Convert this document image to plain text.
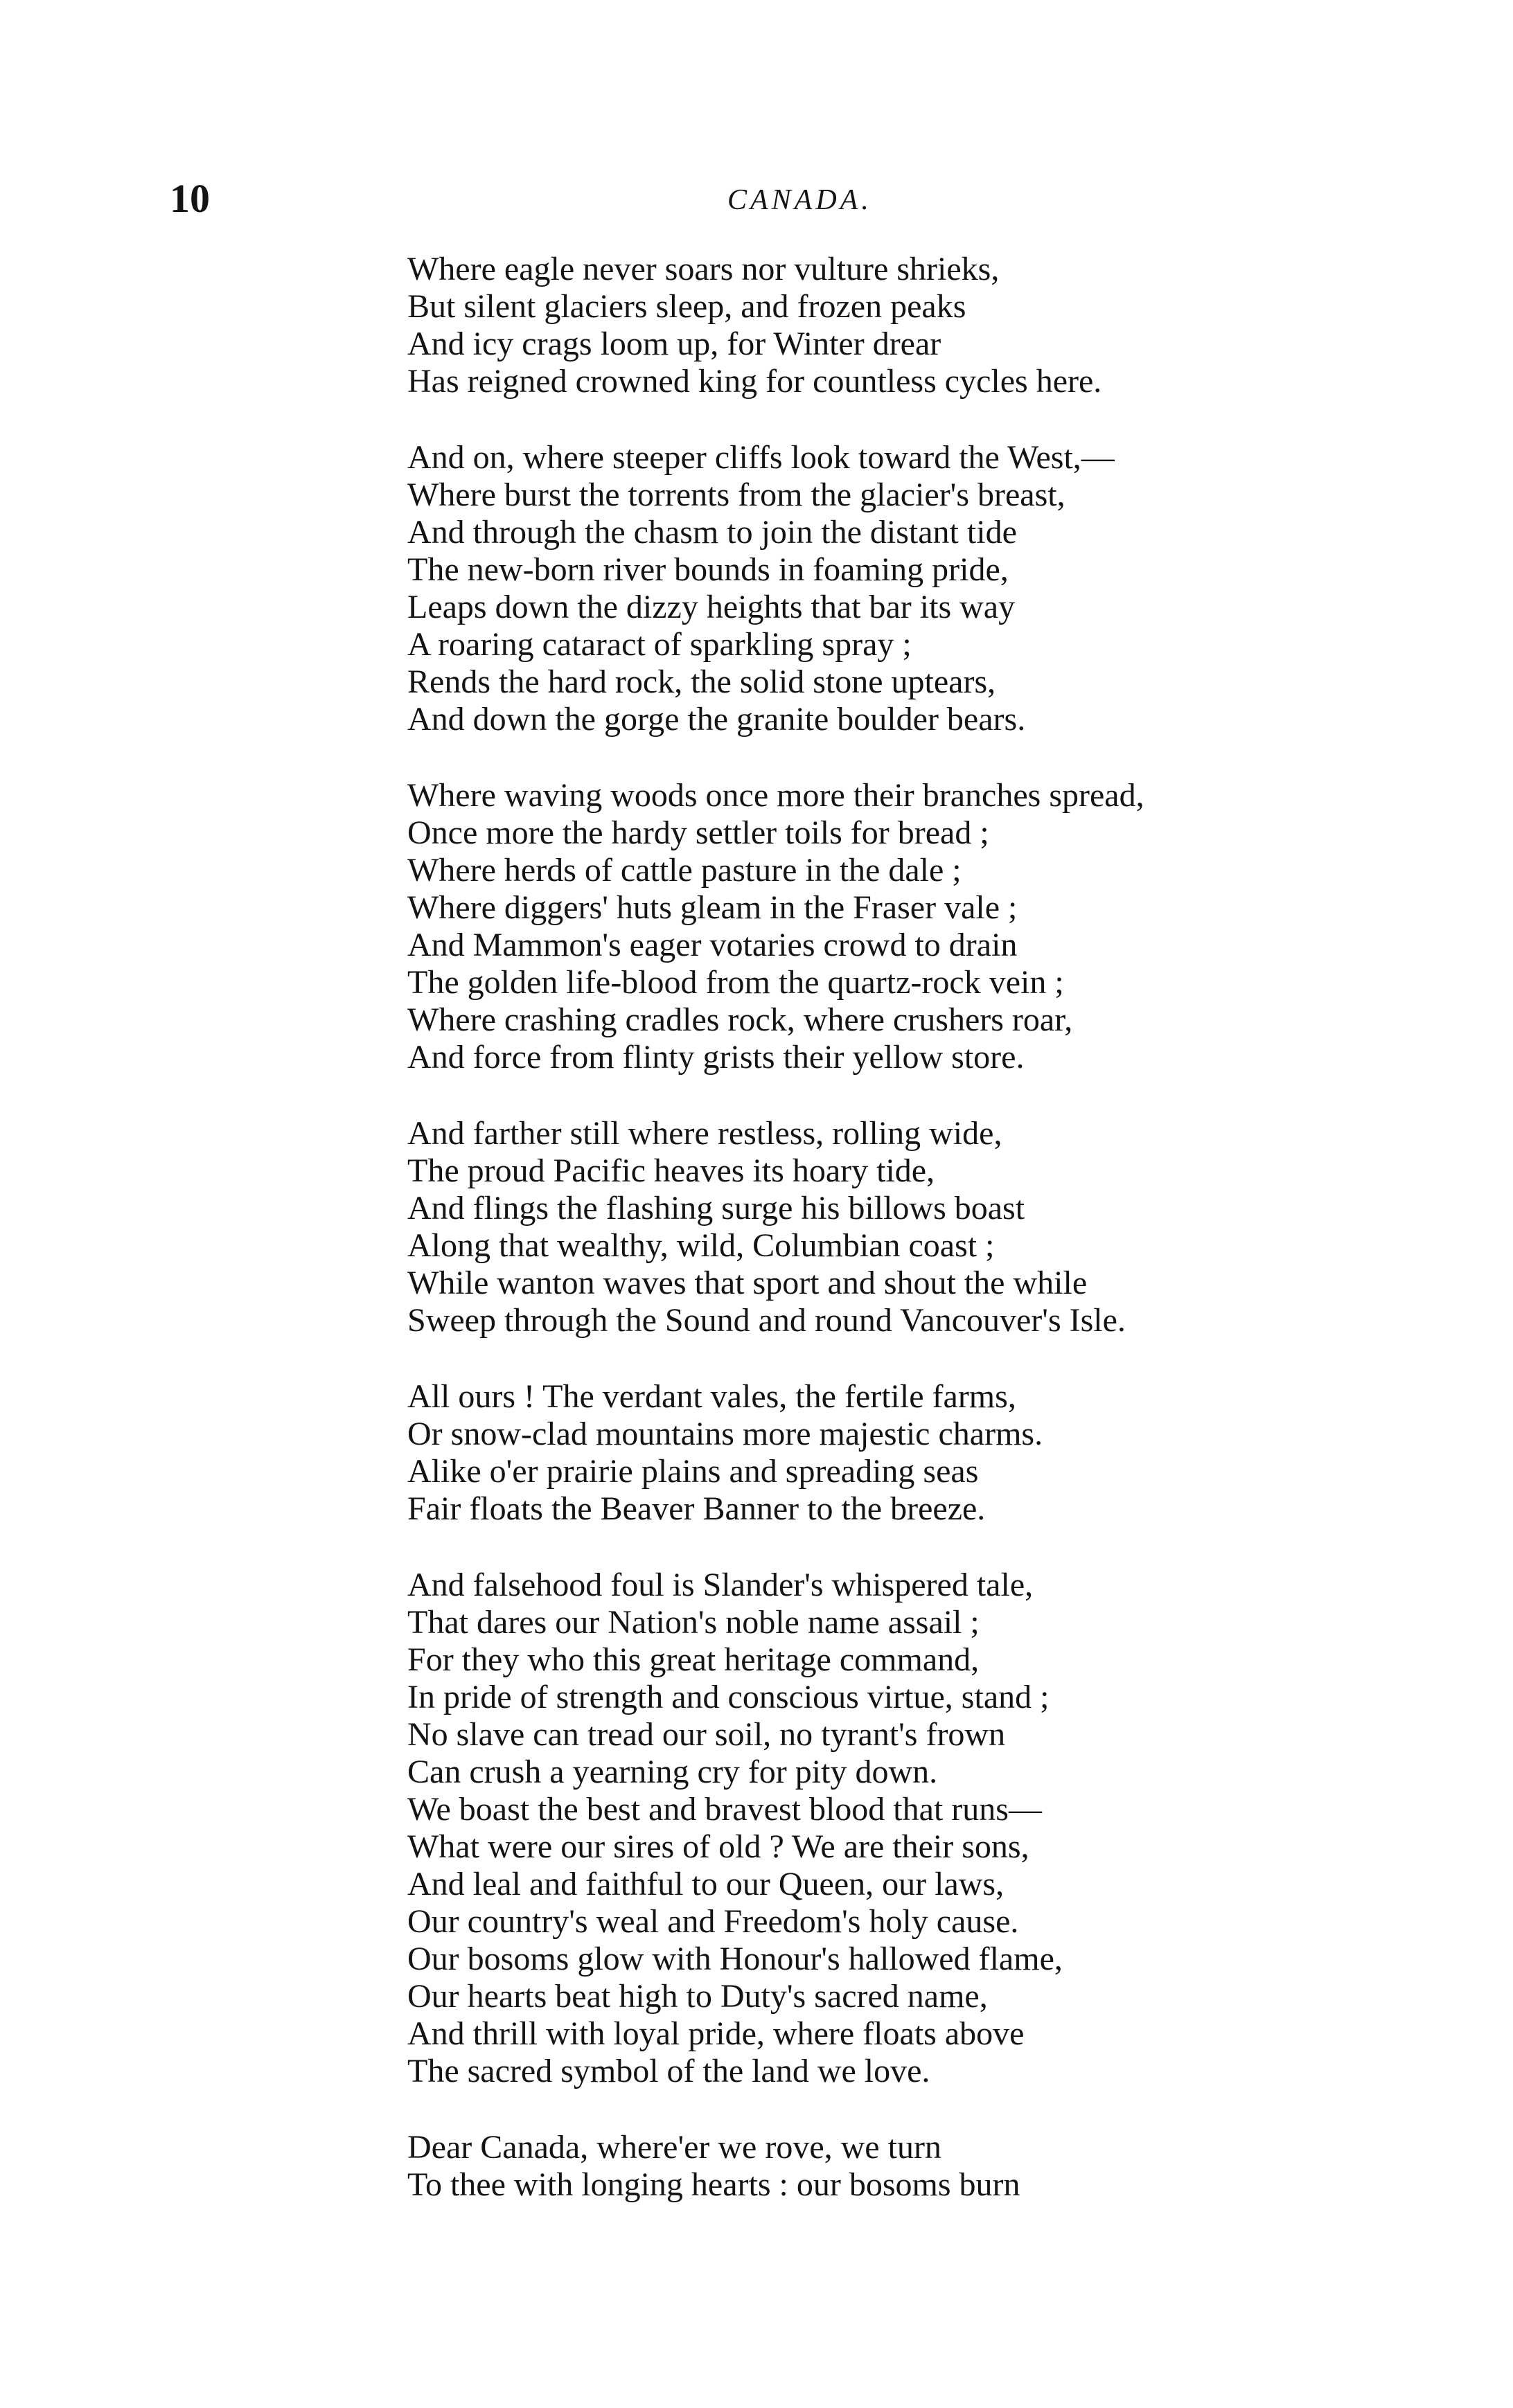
10	CANADA.
Where eagle never soars nor vulture shrieks,
But silent glaciers sleep, and frozen peaks
And icy crags loom up, for Winter drear
Has reigned crowned king for countless cycles here.
And on, where steeper cliffs look toward the West,—
Where burst the torrents from the glacier's breast,
And through the chasm to join the distant tide
The new-born river bounds in foaming pride,
Leaps down the dizzy heights that bar its way
A roaring cataract of sparkling spray ;
Rends the hard rock, the solid stone uptears,
And down the gorge the granite boulder bears.
Where waving woods once more their branches spread,
Once more the hardy settler toils for bread ;
Where herds of cattle pasture in the dale ;
Where diggers' huts gleam in the Fraser vale ;
And Mammon's eager votaries crowd to drain
The golden life-blood from the quartz-rock vein ;
Where crashing cradles rock, where crushers roar,
And force from flinty grists their yellow store.
And farther still where restless, rolling wide,
The proud Pacific heaves its hoary tide,
And flings the flashing surge his billows boast
Along that wealthy, wild, Columbian coast ;
While wanton waves that sport and shout the while
Sweep through the Sound and round Vancouver's Isle.
All ours ! The verdant vales, the fertile farms,
Or snow-clad mountains more majestic charms.
Alike o'er prairie plains and spreading seas
Fair floats the Beaver Banner to the breeze.
And falsehood foul is Slander's whispered tale,
That dares our Nation's noble name assail ;
For they who this great heritage command,
In pride of strength and conscious virtue, stand ;
No slave can tread our soil, no tyrant's frown
Can crush a yearning cry for pity down.
We boast the best and bravest blood that runs—
What were our sires of old ? We are their sons,
And leal and faithful to our Queen, our laws,
Our country's weal and Freedom's holy cause.
Our bosoms glow with Honour's hallowed flame,
Our hearts beat high to Duty's sacred name,
And thrill with loyal pride, where floats above
The sacred symbol of the land we love.
Dear Canada, where'er we rove, we turn
To thee with longing hearts : our bosoms burn
